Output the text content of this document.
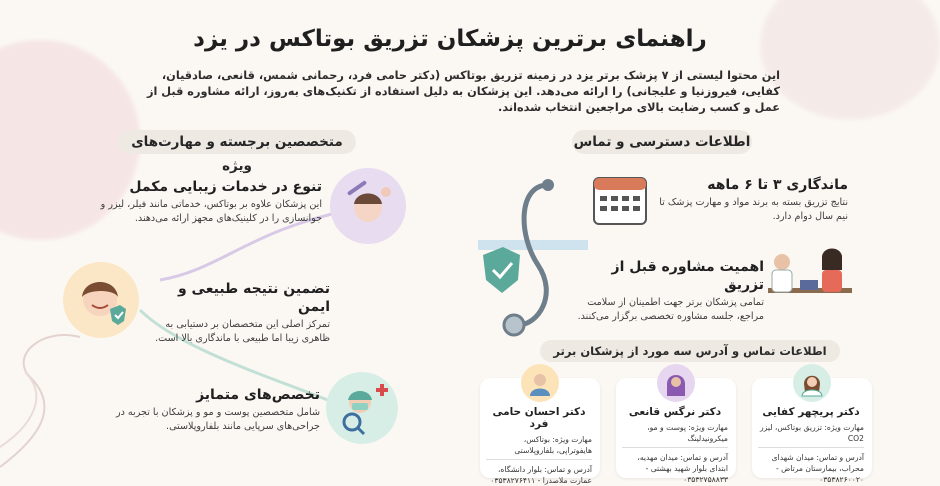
راهنمای برترین پزشکان تزریق بوتاکس در یزد
این محتوا لیستی از ۷ پزشک برتر یزد در زمینه تزریق بوتاکس (دکتر حامی فرد، رحمانی شمس، قانعی، صادقیان، کفایی، فیروزنیا و علیجانی) را ارائه می‌دهد. این پزشکان به دلیل استفاده از تکنیک‌های به‌روز، ارائه مشاوره قبل از عمل و کسب رضایت بالای مراجعین انتخاب شده‌اند.
متخصصین برجسته و مهارت‌های ویژه
اطلاعات دسترسی و تماس
تنوع در خدمات زیبایی مکمل

این پزشکان علاوه بر بوتاکس، خدماتی مانند فیلر، لیزر و جوانسازی را در کلینیک‌های مجهز ارائه می‌دهند.

تضمین نتیجه طبیعی و ایمن

تمرکز اصلی این متخصصان بر دستیابی به ظاهری زیبا اما طبیعی با ماندگاری بالا است.

تخصص‌های متمایز

شامل متخصصین پوست و مو و پزشکان با تجربه در جراحی‌های سرپایی مانند بلفاروپلاستی.

ماندگاری ۳ تا ۶ ماهه

نتایج تزریق بسته به برند مواد و مهارت پزشک تا نیم سال دوام دارد.

اهمیت مشاوره قبل از تزریق

تمامی پزشکان برتر جهت اطمینان از سلامت مراجع، جلسه مشاوره تخصصی برگزار می‌کنند.

اطلاعات تماس و آدرس سه مورد از پزشکان برتر
دکتر احسان حامی فرد

مهارت ویژه: بوتاکس، هایفوتراپی، بلفاروپلاستی

آدرس و تماس: بلوار دانشگاه، عمارت ملاصدرا - ۰۳۵۳۸۲۷۶۴۱۱

دکتر نرگس قانعی

مهارت ویژه: پوست و مو، میکرونیدلینگ

آدرس و تماس: میدان مهدیه، ابتدای بلوار شهید بهشتی - ۰۳۵۳۲۷۵۸۸۳۳

دکتر پریچهر کفایی

مهارت ویژه: تزریق بوتاکس، لیزر CO2

آدرس و تماس: میدان شهدای محراب، بیمارستان مرتاض - ۰۳۵۳۸۲۶۰۰۲۰
